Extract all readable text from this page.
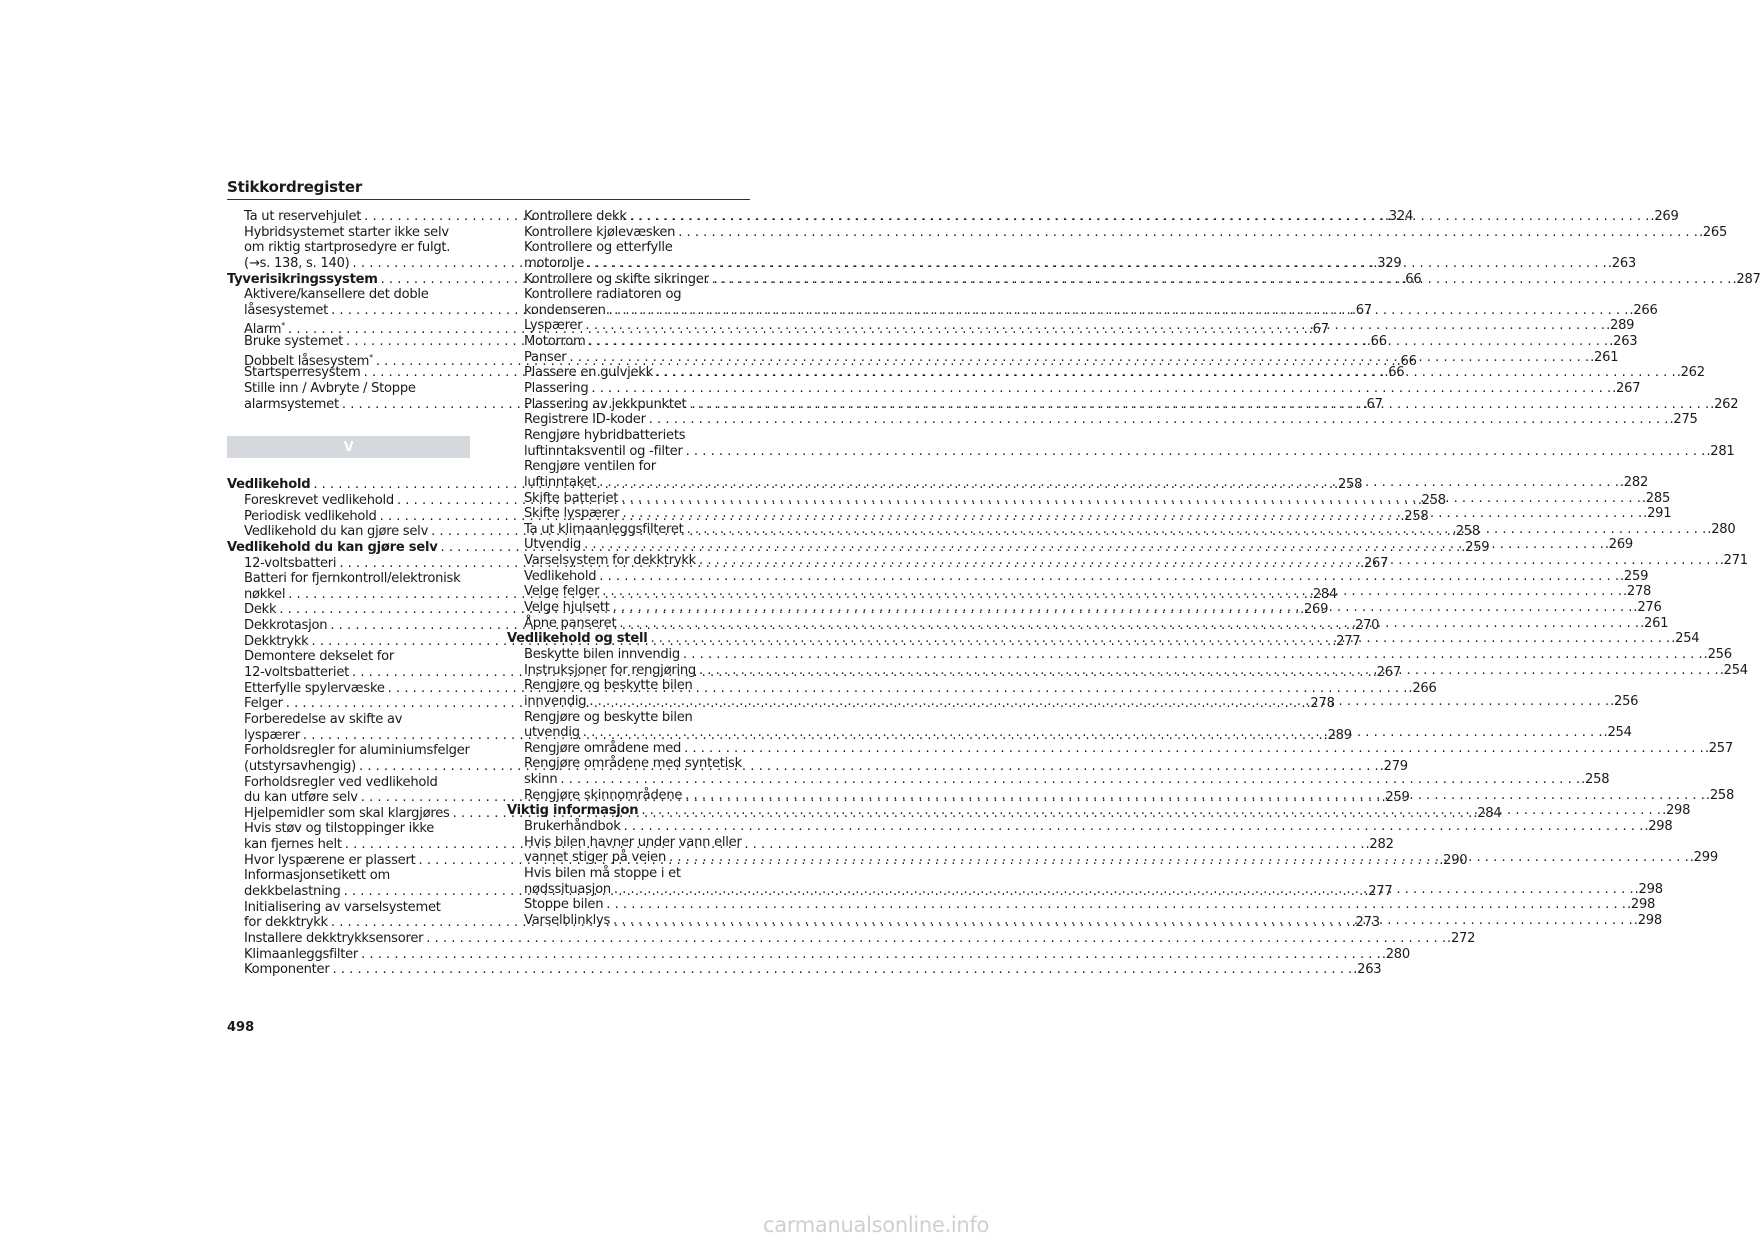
Stikkordregister
Ta ut reservehjulet . . .	.324
Hybridsystemet starter ikke selv
om riktig startprosedyre er fulgt.
(→s. 138, s. 140) . . .	.329
Tyverisikringssystem . . .	.66
Aktivere/kansellere det doble
låsesystemet . . .	.67
Alarm* . . .	.67
Bruke systemet . . .	.66
Dobbelt låsesystem* . . .	.66
Startsperresystem . . .	.66
Stille inn / Avbryte / Stoppe
alarmsystemet . . .	.67
V
Vedlikehold . . .	.258
Foreskrevet vedlikehold . . .	.258
Periodisk vedlikehold . . .	.258
Vedlikehold du kan gjøre selv . . .	.258
Vedlikehold du kan gjøre selv . . .	.259
12-voltsbatteri . . .	.267
Batteri for fjernkontroll/elektronisk
nøkkel . . .	.284
Dekk . . .	.269
Dekkrotasjon . . .	.270
Dekktrykk . . .	.277
Demontere dekselet for
12-voltsbatteriet . . .	.267
Etterfylle spylervæske . . .	.266
Felger . . .	.278
Forberedelse av skifte av
lyspærer . . .	.289
Forholdsregler for aluminiumsfelger
(utstyrsavhengig) . . .	.279
Forholdsregler ved vedlikehold
du kan utføre selv . . .	.259
Hjelpemidler som skal klargjøres . . .	.284
Hvis støv og tilstoppinger ikke
kan fjernes helt . . .	.282
Hvor lyspærene er plassert . . .	.290
Informasjonsetikett om
dekkbelastning . . .	.277
Initialisering av varselsystemet
for dekktrykk . . .	.273
Installere dekktrykksensorer . . .	.272
Klimaanleggsfilter . . .	.280
Komponenter . . .	.263
Kontrollere dekk . . .	.269
Kontrollere kjølevæsken . . .	.265
Kontrollere og etterfylle
motorolje . . .	.263
Kontrollere og skifte sikringer . . .	.287
Kontrollere radiatoren og
kondenseren . . .	.266
Lyspærer . . .	.289
Motorrom . . .	.263
Panser . . .	.261
Plassere en gulvjekk . . .	.262
Plassering . . .	.267
Plassering av jekkpunktet . . .	.262
Registrere ID-koder . . .	.275
Rengjøre hybridbatteriets
luftinntaksventil og -filter . . .	.281
Rengjøre ventilen for
luftinntaket . . .	.282
Skifte batteriet . . .	.285
Skifte lyspærer . . .	.291
Ta ut klimaanleggsfilteret . . .	.280
Utvendig . . .	.269
Varselsystem for dekktrykk . . .	.271
Vedlikehold . . .	.259
Velge felger . . .	.278
Velge hjulsett . . .	.276
Åpne panseret . . .	.261
Vedlikehold og stell . . .	.254
Beskytte bilen innvendig . . .	.256
Instruksjoner for rengjøring . . .	.254
Rengjøre og beskytte bilen
innvendig . . .	.256
Rengjøre og beskytte bilen
utvendig . . .	.254
Rengjøre områdene med . . .	.257
Rengjøre områdene med syntetisk
skinn . . .	.258
Rengjøre skinnområdene . . .	.258
Viktig informasjon . . .	.298
Brukerhåndbok . . .	.298
Hvis bilen havner under vann eller
vannet stiger på veien . . .	.299
Hvis bilen må stoppe i et
nødssituasjon . . .	.298
Stoppe bilen . . .	.298
Varselblinklys . . .	.298
498
carmanualsonline.info
